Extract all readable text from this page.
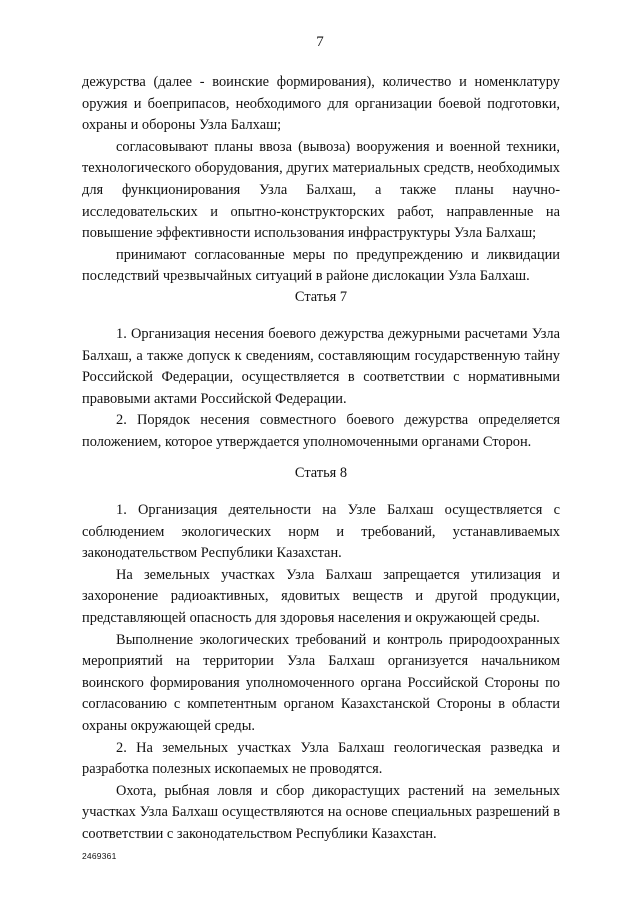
7

дежурства (далее - воинские формирования), количество и номенклатуру оружия и боеприпасов, необходимого для организации боевой подготовки, охраны и обороны Узла Балхаш;

согласовывают планы ввоза (вывоза) вооружения и военной техники, технологического оборудования, других материальных средств, необходимых для функционирования Узла Балхаш, а также планы научно-исследовательских и опытно-конструкторских работ, направленные на повышение эффективности использования инфраструктуры Узла Балхаш;

принимают согласованные меры по предупреждению и ликвидации последствий чрезвычайных ситуаций в районе дислокации Узла Балхаш.

Статья 7

1. Организация несения боевого дежурства дежурными расчетами Узла Балхаш, а также допуск к сведениям, составляющим государственную тайну Российской Федерации, осуществляется в соответствии с нормативными правовыми актами Российской Федерации.

2. Порядок несения совместного боевого дежурства определяется положением, которое утверждается уполномоченными органами Сторон.

Статья 8

1. Организация деятельности на Узле Балхаш осуществляется с соблюдением экологических норм и требований, устанавливаемых законодательством Республики Казахстан.

На земельных участках Узла Балхаш запрещается утилизация и захоронение радиоактивных, ядовитых веществ и другой продукции, представляющей опасность для здоровья населения и окружающей среды.

Выполнение экологических требований и контроль природоохранных мероприятий на территории Узла Балхаш организуется начальником воинского формирования уполномоченного органа Российской Стороны по согласованию с компетентным органом Казахстанской Стороны в области охраны окружающей среды.

2. На земельных участках Узла Балхаш геологическая разведка и разработка полезных ископаемых не проводятся.

Охота, рыбная ловля и сбор дикорастущих растений на земельных участках Узла Балхаш осуществляются на основе специальных разрешений в соответствии с законодательством Республики Казахстан.

2469361
